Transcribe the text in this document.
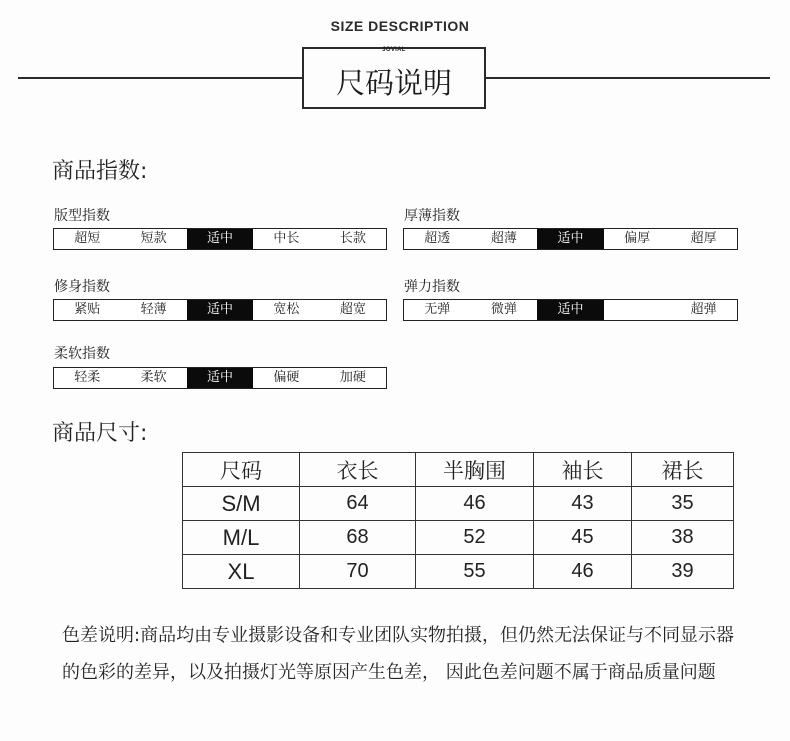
SIZE DESCRIPTION
JOVIAL
尺码说明
商品指数:
版型指数
超短	短款	适中	中长	长款
厚薄指数
超透	超薄	适中	偏厚	超厚
修身指数
紧贴	轻薄	适中	宽松	超宽
弹力指数
无弹	微弹	适中	超弹
柔软指数
轻柔	柔软	适中	偏硬	加硬
商品尺寸:
尺码	衣长	半胸围	袖长	裙长
S/M	64	46	43	35
M/L	68	52	45	38
XL	70	55	46	39
色差说明:商品均由专业摄影设备和专业团队实物拍摄，但仍然无法保证与不同显示器的色彩的差异，以及拍摄灯光等原因产生色差， 因此色差问题不属于商品质量问题
